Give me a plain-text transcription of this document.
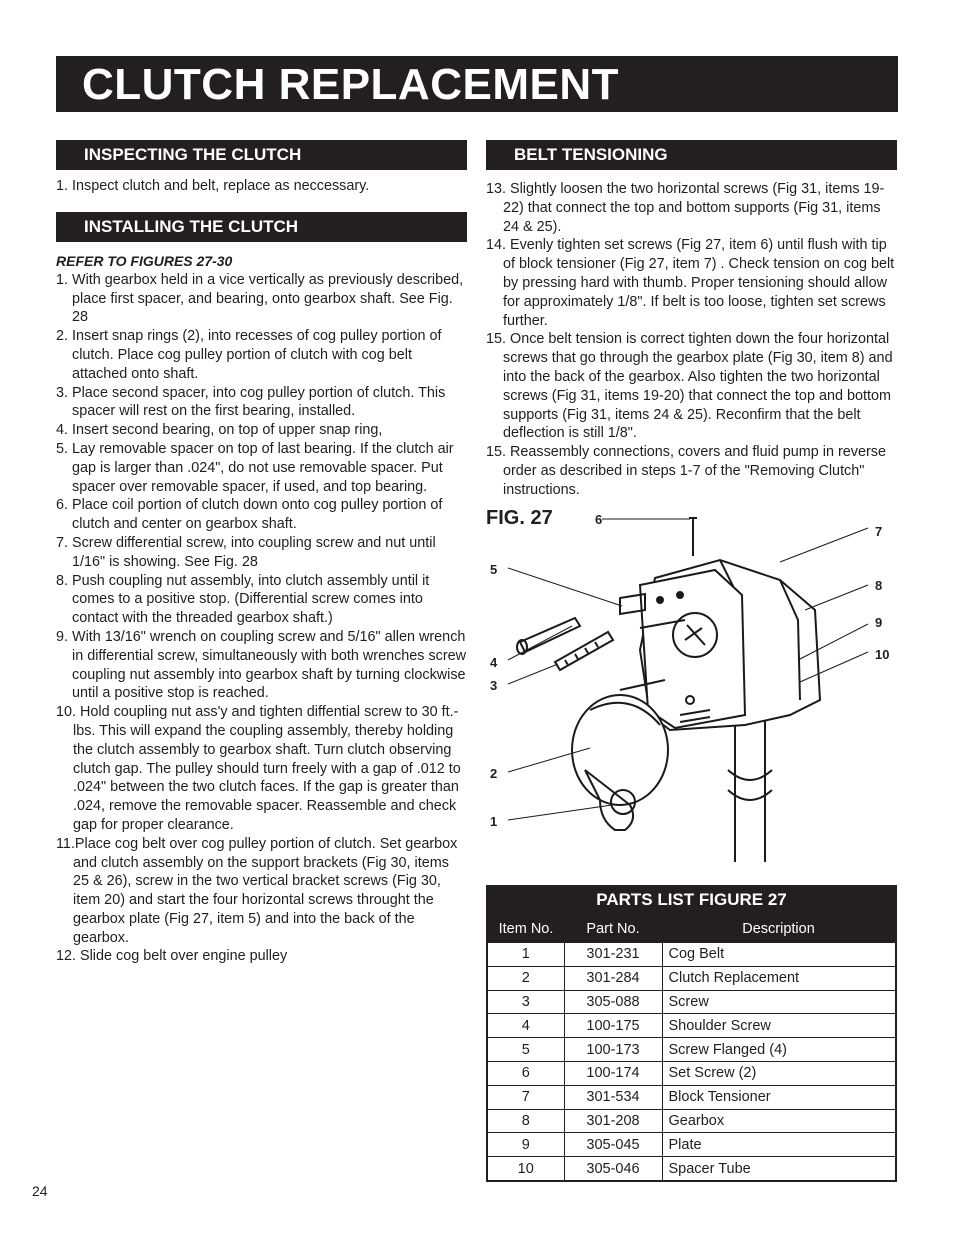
CLUTCH REPLACEMENT
INSPECTING THE CLUTCH

1. Inspect clutch and belt, replace as neccessary.

INSTALLING THE CLUTCH

REFER TO FIGURES 27-30

1. With gearbox held in a vice vertically as previously described, place first spacer, and bearing, onto gearbox shaft. See Fig. 28

2. Insert snap rings (2), into recesses of cog pulley portion of clutch. Place cog pulley portion of clutch with cog belt attached onto shaft.

3. Place second spacer, into cog pulley portion of clutch. This spacer will rest on the first bearing, installed.

4. Insert second bearing, on top of upper snap ring,

5. Lay removable spacer on top of last bearing. If the clutch air gap is larger than .024", do not use removable spacer. Put spacer over removable spacer, if used, and top bearing.

6. Place coil portion of clutch down onto cog pulley portion of clutch and center on gearbox shaft.

7. Screw differential screw, into coupling screw and nut until 1/16" is showing. See Fig. 28

8. Push coupling nut assembly, into clutch assembly until it comes to a positive stop. (Differential screw comes into contact with the threaded gearbox shaft.)

9. With 13/16" wrench on coupling screw and 5/16" allen wrench in differential screw, simultaneously with both wrenches screw coupling nut assembly into gearbox shaft by turning clockwise until a positive stop is reached.

10. Hold coupling nut ass'y and tighten diffential screw to 30 ft.-lbs. This will expand the coupling assembly, thereby holding the clutch assembly to gearbox shaft. Turn clutch observing clutch gap. The pulley should turn freely with a gap of .012 to .024" between the two clutch faces. If the gap is greater than .024, remove the removable spacer. Reassemble and check gap for proper clearance.

11.Place cog belt over cog pulley portion of clutch. Set gearbox and clutch assembly on the support brackets (Fig 30, items 25 & 26), screw in the two vertical bracket screws (Fig 30, item 20) and start the four horizontal screws throught the gearbox plate (Fig 27, item 5) and into the back of the gearbox.

12. Slide cog belt over engine pulley

BELT TENSIONING

13. Slightly loosen the two horizontal screws (Fig 31, items 19-22) that connect the top and bottom supports (Fig 31, items 24 & 25).

14. Evenly tighten set screws (Fig 27, item 6) until flush with tip of block tensioner (Fig 27, item 7) . Check tension on cog belt by pressing hard with thumb. Proper tensioning should allow for approximately 1/8". If belt is too loose, tighten set screws further.

15. Once belt tension is correct tighten down the four horizontal screws that go through the gearbox plate (Fig 30, item 8) and into the back of the gearbox. Also tighten the two horizontal screws (Fig 31, items 19-20) that connect the top and bottom supports (Fig 31, items 24 & 25). Reconfirm that the belt deflection is still 1/8".

15. Reassembly connections, covers and fluid pump in reverse order as described in steps 1-7 of the "Removing Clutch" instructions.

FIG. 27	6
7
5
8
9
10
4
3
2
1
PARTS LIST FIGURE 27
Item No.	Part No.	Description
1	301-231	Cog Belt
2	301-284	Clutch Replacement
3	305-088	Screw
4	100-175	Shoulder Screw
5	100-173	Screw Flanged (4)
6	100-174	Set Screw (2)
7	301-534	Block Tensioner
8	301-208	Gearbox
9	305-045	Plate
10	305-046	Spacer Tube
24
